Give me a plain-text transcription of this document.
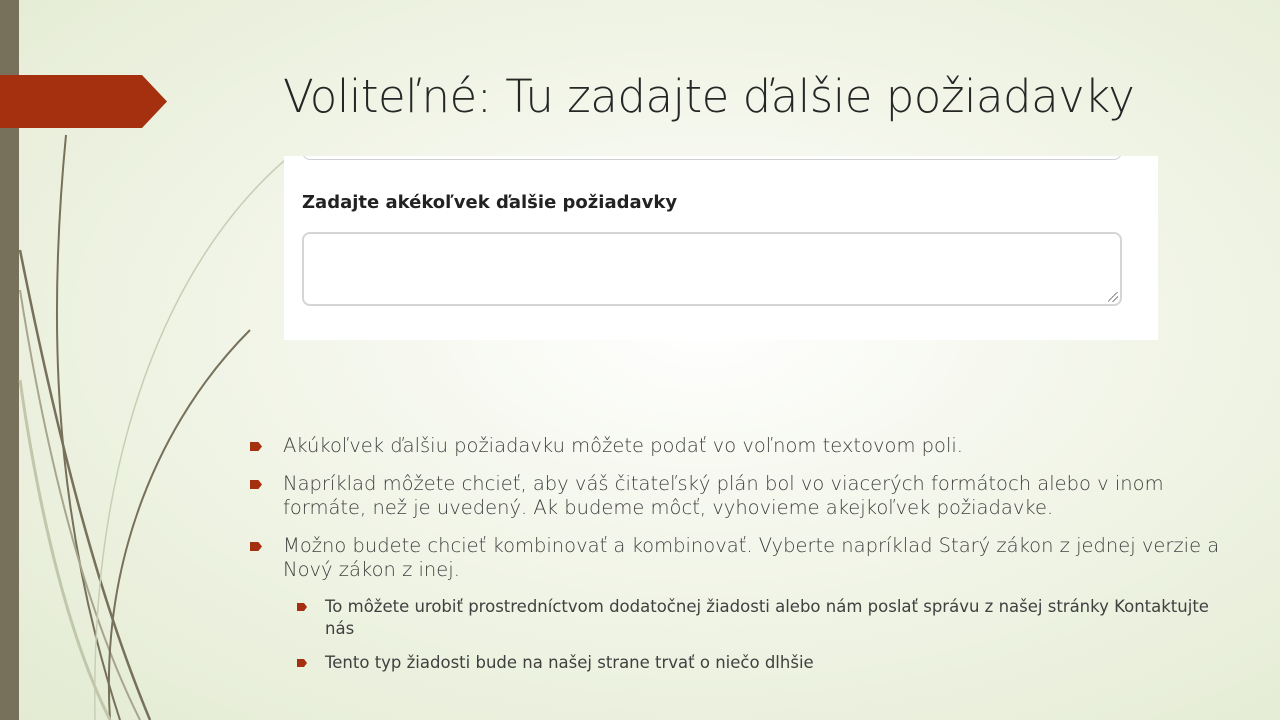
Voliteľné: Tu zadajte ďalšie požiadavky
Zadajte akékoľvek ďalšie požiadavky
Akúkoľvek ďalšiu požiadavku môžete podať vo voľnom textovom poli.
Napríklad môžete chcieť, aby váš čitateľský plán bol vo viacerých formátoch alebo v inom formáte, než je uvedený. Ak budeme môcť, vyhovieme akejkoľvek požiadavke.
Možno budete chcieť kombinovať a kombinovať. Vyberte napríklad Starý zákon z jednej verzie a Nový zákon z inej.
To môžete urobiť prostredníctvom dodatočnej žiadosti alebo nám poslať správu z našej stránky Kontaktujte nás
Tento typ žiadosti bude na našej strane trvať o niečo dlhšie
